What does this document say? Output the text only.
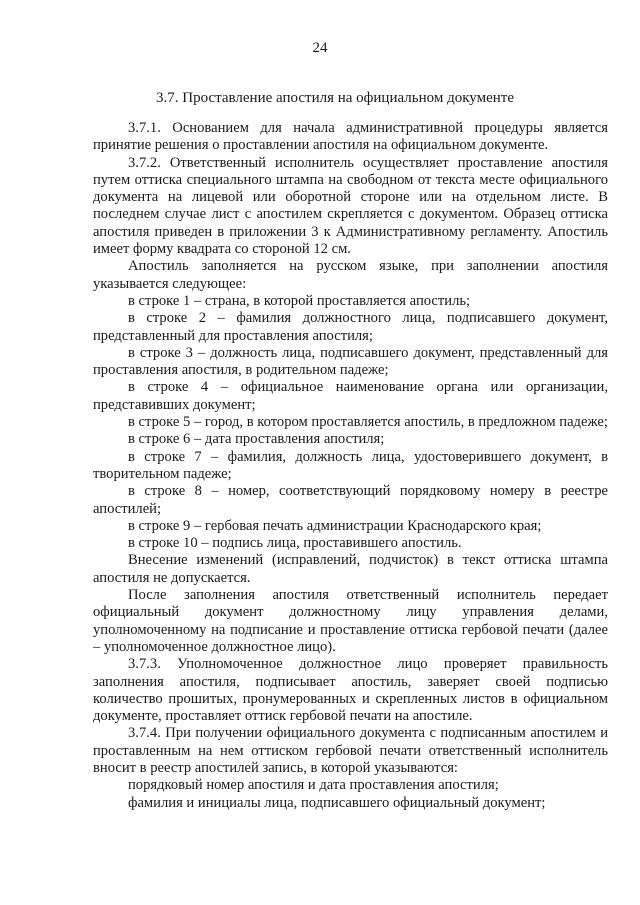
24
3.7. Проставление апостиля на официальном документе

3.7.1. Основанием для начала административной процедуры является принятие решения о проставлении апостиля на официальном документе.

3.7.2. Ответственный исполнитель осуществляет проставление апостиля путем оттиска специального штампа на свободном от текста месте официального документа на лицевой или оборотной стороне или на отдельном листе. В последнем случае лист с апостилем скрепляется с документом. Образец оттиска апостиля приведен в приложении 3 к Административному регламенту. Апостиль имеет форму квадрата со стороной 12 см.

Апостиль заполняется на русском языке, при заполнении апостиля указывается следующее:

в строке 1 – страна, в которой проставляется апостиль;

в строке 2 – фамилия должностного лица, подписавшего документ, представленный для проставления апостиля;

в строке 3 – должность лица, подписавшего документ, представленный для проставления апостиля, в родительном падеже;

в строке 4 – официальное наименование органа или организации, представивших документ;

в строке 5 – город, в котором проставляется апостиль, в предложном падеже;

в строке 6 – дата проставления апостиля;

в строке 7 – фамилия, должность лица, удостоверившего документ, в творительном падеже;

в строке 8 – номер, соответствующий порядковому номеру в реестре апостилей;

в строке 9 – гербовая печать администрации Краснодарского края;

в строке 10 – подпись лица, проставившего апостиль.

Внесение изменений (исправлений, подчисток) в текст оттиска штампа апостиля не допускается.

После заполнения апостиля ответственный исполнитель передает официальный документ должностному лицу управления делами, уполномоченному на подписание и проставление оттиска гербовой печати (далее – уполномоченное должностное лицо).

3.7.3. Уполномоченное должностное лицо проверяет правильность заполнения апостиля, подписывает апостиль, заверяет своей подписью количество прошитых, пронумерованных и скрепленных листов в официальном документе, проставляет оттиск гербовой печати на апостиле.

3.7.4. При получении официального документа с подписанным апостилем и проставленным на нем оттиском гербовой печати ответственный исполнитель вносит в реестр апостилей запись, в которой указываются:

порядковый номер апостиля и дата проставления апостиля;

фамилия и инициалы лица, подписавшего официальный документ;
